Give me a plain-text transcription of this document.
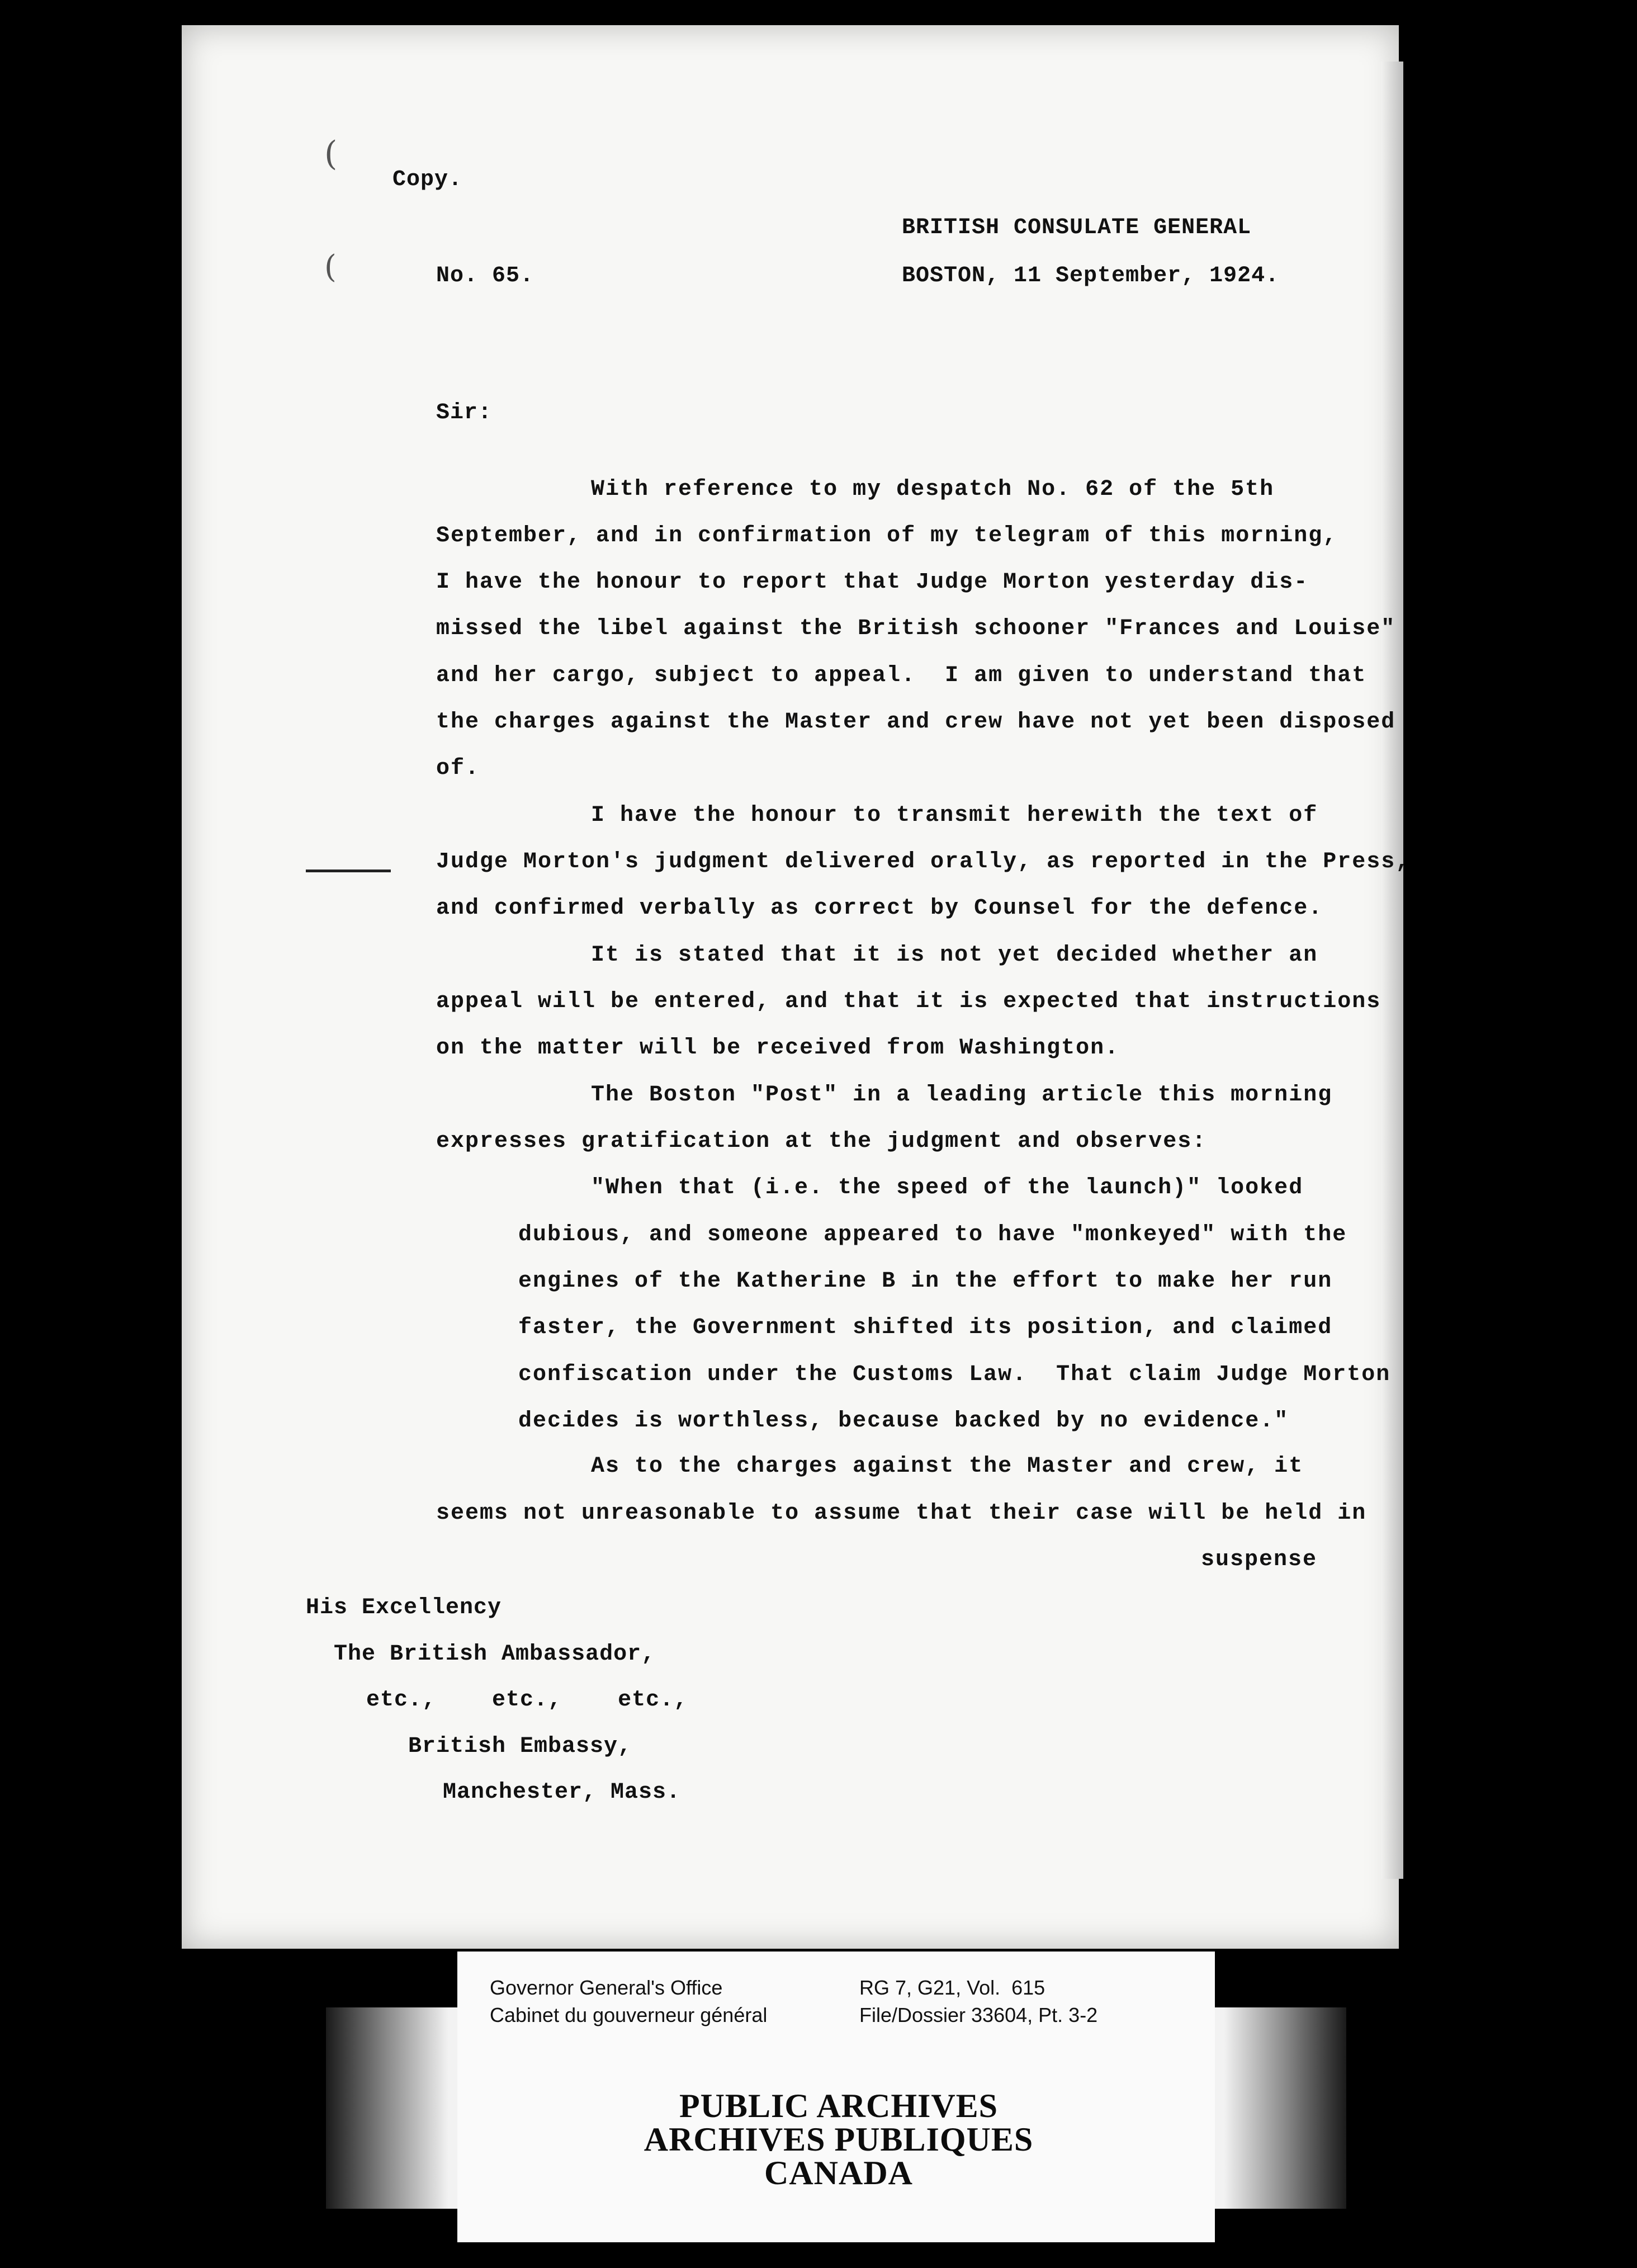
(
(
Copy.
BRITISH CONSULATE GENERAL
No. 65.	BOSTON, 11 September, 1924.
Sir:
With reference to my despatch No. 62 of the 5th
September, and in confirmation of my telegram of this morning,
I have the honour to report that Judge Morton yesterday dis-
missed the libel against the British schooner "Frances and Louise"
and her cargo, subject to appeal.  I am given to understand that
the charges against the Master and crew have not yet been disposed
of.
I have the honour to transmit herewith the text of
Judge Morton's judgment delivered orally, as reported in the Press,
and confirmed verbally as correct by Counsel for the defence.
It is stated that it is not yet decided whether an
appeal will be entered, and that it is expected that instructions
on the matter will be received from Washington.
The Boston "Post" in a leading article this morning
expresses gratification at the judgment and observes:
"When that (i.e. the speed of the launch)" looked
dubious, and someone appeared to have "monkeyed" with the
engines of the Katherine B in the effort to make her run
faster, the Government shifted its position, and claimed
confiscation under the Customs Law.  That claim Judge Morton
decides is worthless, because backed by no evidence."
As to the charges against the Master and crew, it
seems not unreasonable to assume that their case will be held in
suspense
His Excellency
The British Ambassador,
etc.,    etc.,    etc.,
British Embassy,
Manchester, Mass.
Governor General's Office
Cabinet du gouverneur général
RG 7, G21, Vol.  615
File/Dossier 33604, Pt. 3-2
PUBLIC ARCHIVES
ARCHIVES PUBLIQUES
CANADA
